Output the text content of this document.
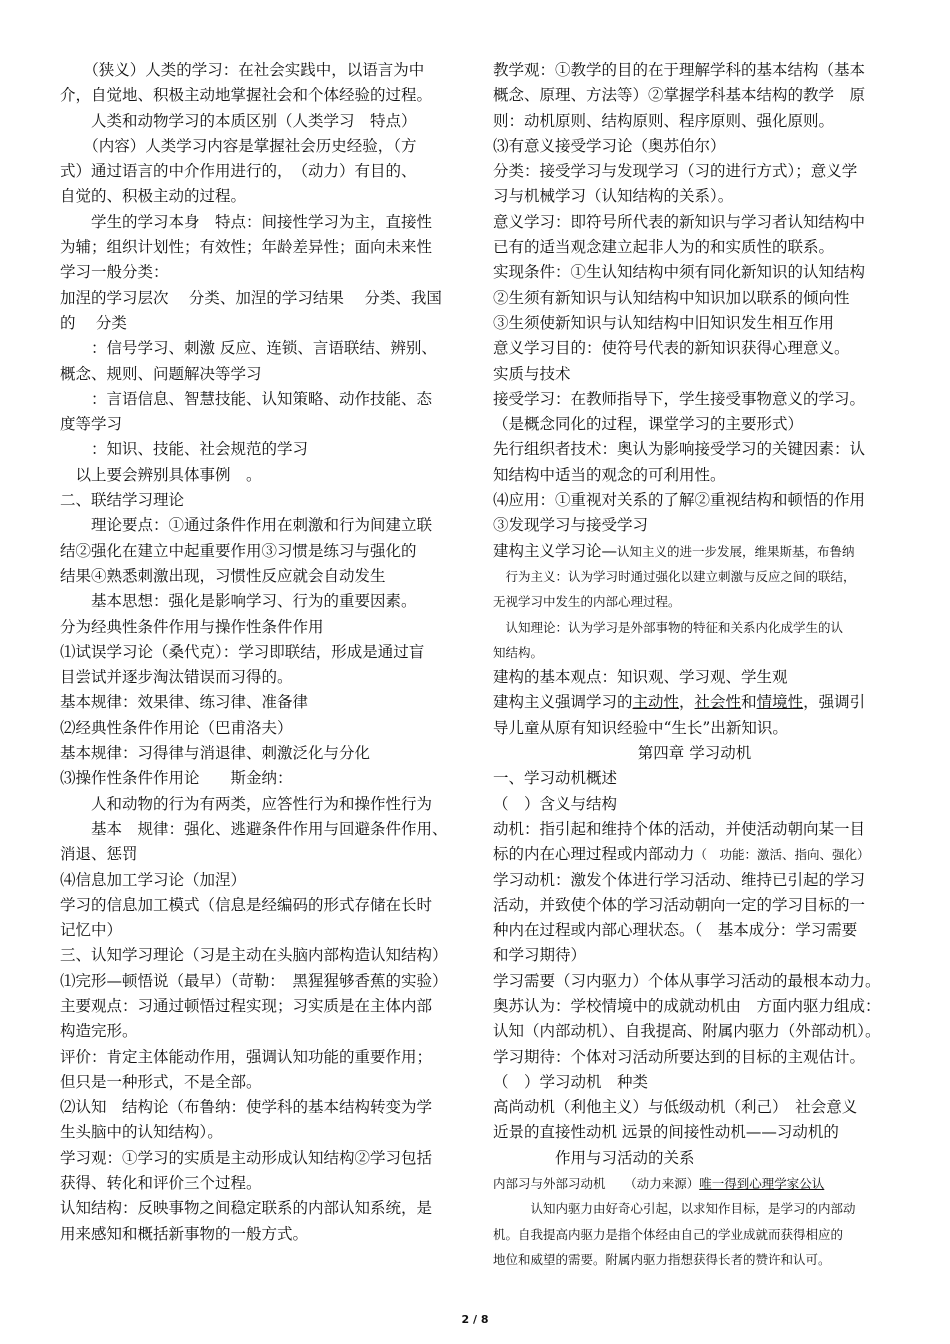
　　（狭义）人类的学习：在社会实践中，以语言为中
介，自觉地、积极主动地掌握社会和个体经验的过程。
　　人类和动物学习的本质区别（人类学习　特点）
　　（内容）人类学习内容是掌握社会历史经验，（方
式）通过语言的中介作用进行的，　（动力）有目的、
自觉的、积极主动的过程。
　　学生的学习本身　特点：间接性学习为主，直接性
为辅；组织计划性；有效性；年龄差异性；面向未来性
学习一般分类：
加涅的学习层次　 分类、加涅的学习结果　 分类、我国
的　 分类
　　：信号学习、刺激 反应、连锁、言语联结、辨别、
概念、规则、问题解决等学习
　　：言语信息、智慧技能、认知策略、动作技能、态
度等学习
　　：知识、技能、社会规范的学习
　以上要会辨别具体事例　。
二、联结学习理论
　　理论要点：①通过条件作用在刺激和行为间建立联
结②强化在建立中起重要作用③习惯是练习与强化的
结果④熟悉刺激出现，习惯性反应就会自动发生
　　基本思想：强化是影响学习、行为的重要因素。
分为经典性条件作用与操作性条件作用
⑴试误学习论（桑代克）：学习即联结，形成是通过盲
目尝试并逐步淘汰错误而习得的。
基本规律：效果律、练习律、准备律
⑵经典性条件作用论（巴甫洛夫）
基本规律：习得律与消退律、刺激泛化与分化
⑶操作性条件作用论　　斯金纳：
　　人和动物的行为有两类，应答性行为和操作性行为
　　基本　规律：强化、逃避条件作用与回避条件作用、
消退、惩罚
⑷信息加工学习论（加涅）
学习的信息加工模式（信息是经编码的形式存储在长时
记忆中）
三、认知学习理论（习是主动在头脑内部构造认知结构）
⑴完形—顿悟说（最早）（苛勒：　黑猩猩够香蕉的实验）
主要观点：习通过顿悟过程实现；习实质是在主体内部
构造完形。
评价：肯定主体能动作用，强调认知功能的重要作用；
但只是一种形式，不是全部。
⑵认知　结构论（布鲁纳：使学科的基本结构转变为学
生头脑中的认知结构）。
学习观：①学习的实质是主动形成认知结构②学习包括
获得、转化和评价三个过程。
认知结构：反映事物之间稳定联系的内部认知系统，是
用来感知和概括新事物的一般方式。
教学观：①教学的目的在于理解学科的基本结构（基本
概念、原理、方法等）②掌握学科基本结构的教学　原
则：动机原则、结构原则、程序原则、强化原则。
⑶有意义接受学习论（奥苏伯尔）
分类：接受学习与发现学习（习的进行方式）；意义学
习与机械学习（认知结构的关系）。
意义学习：即符号所代表的新知识与学习者认知结构中
已有的适当观念建立起非人为的和实质性的联系。
实现条件：①生认知结构中须有同化新知识的认知结构
②生须有新知识与认知结构中知识加以联系的倾向性
③生须使新知识与认知结构中旧知识发生相互作用
意义学习目的：使符号代表的新知识获得心理意义。
实质与技术
接受学习：在教师指导下，学生接受事物意义的学习。
（是概念同化的过程，课堂学习的主要形式）
先行组织者技术：奥认为影响接受学习的关键因素：认
知结构中适当的观念的可利用性。
⑷应用：①重视对关系的了解②重视结构和顿悟的作用
③发现学习与接受学习
建构主义学习论—认知主义的进一步发展，维果斯基，布鲁纳
　行为主义：认为学习时通过强化以建立刺激与反应之间的联结，
无视学习中发生的内部心理过程。
　认知理论：认为学习是外部事物的特征和关系内化成学生的认
知结构。
建构的基本观点：知识观、学习观、学生观
建构主义强调学习的主动性，社会性和情境性，强调引
导儿童从原有知识经验中“生长”出新知识。
第四章 学习动机
一、学习动机概述
（　）含义与结构
动机：指引起和维持个体的活动，并使活动朝向某一目
标的内在心理过程或内部动力（　功能：激活、指向、强化）
学习动机：激发个体进行学习活动、维持已引起的学习
活动，并致使个体的学习活动朝向一定的学习目标的一
种内在过程或内部心理状态。（　基本成分：学习需要
和学习期待）
学习需要（习内驱力）个体从事学习活动的最根本动力。
奥苏认为：学校情境中的成就动机由　方面内驱力组成：
认知（内部动机）、自我提高、附属内驱力（外部动机）。
学习期待：个体对习活动所要达到的目标的主观估计。
（　）学习动机　种类
高尚动机（利他主义）与低级动机（利己）　社会意义
近景的直接性动机 远景的间接性动机——习动机的
　　　　作用与习活动的关系
内部习与外部习动机　　（动力来源）唯一得到心理学家公认
　　　认知内驱力由好奇心引起，以求知作目标，是学习的内部动
机。自我提高内驱力是指个体经由自己的学业成就而获得相应的
地位和威望的需要。附属内驱力指想获得长者的赞许和认可。
2 / 8
